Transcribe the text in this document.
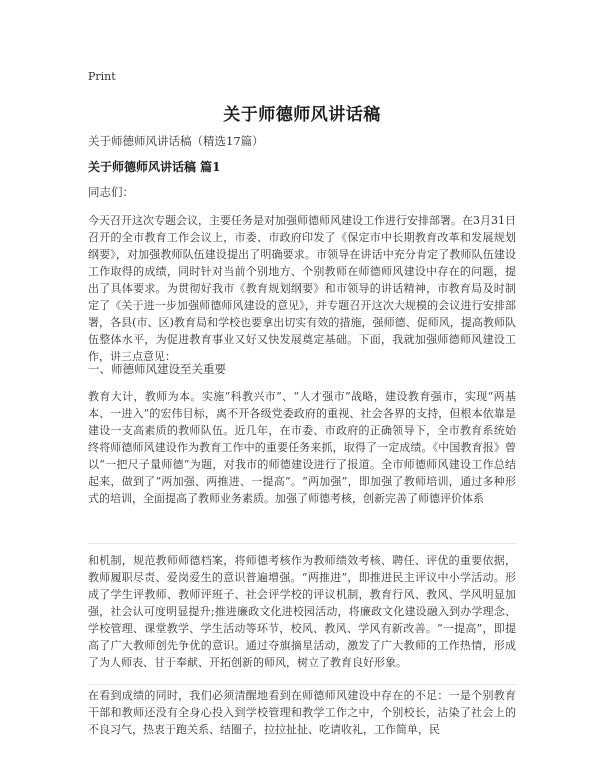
Print
关于师德师风讲话稿
关于师德师风讲话稿（精选17篇）
关于师德师风讲话稿 篇1
同志们：

今天召开这次专题会议，主要任务是对加强师德师风建设工作进行安排部署。在3月31日召开的全市教育工作会议上，市委、市政府印发了《保定市中长期教育改革和发展规划纲要》，对加强教师队伍建设提出了明确要求。市领导在讲话中充分肯定了教师队伍建设工作取得的成绩，同时针对当前个别地方、个别教师在师德师风建设中存在的问题，提出了具体要求。为贯彻好我市《教育规划纲要》和市领导的讲话精神，市教育局及时制定了《关于进一步加强师德师风建设的意见》，并专题召开这次大规模的会议进行安排部署，各县(市、区)教育局和学校也要拿出切实有效的措施，强师德、促师风，提高教师队伍整体水平，为促进教育事业又好又快发展奠定基础。下面，我就加强师德师风建设工作，讲三点意见：

一、师德师风建设至关重要

教育大计，教师为本。实施“科教兴市”、“人才强市”战略，建设教育强市，实现“两基本、一进入”的宏伟目标，离不开各级党委政府的重视、社会各界的支持，但根本依靠是建设一支高素质的教师队伍。近几年，在市委、市政府的正确领导下，全市教育系统始终将师德师风建设作为教育工作中的重要任务来抓，取得了一定成绩。《中国教育报》曾以“一把尺子量师德”为题，对我市的师德建设进行了报道。全市师德师风建设工作总结起来，做到了“两加强、两推进、一提高”。“两加强”，即加强了教师培训，通过多种形式的培训，全面提高了教师业务素质。加强了师德考核，创新完善了师德评价体系

和机制，规范教师师德档案，将师德考核作为教师绩效考核、聘任、评优的重要依据，教师履职尽责、爱岗爱生的意识普遍增强。“两推进”，即推进民主评议中小学活动。形成了学生评教师、教师评班子、社会评学校的评议机制，教育行风、教风、学风明显加强，社会认可度明显提升;推进廉政文化进校园活动，将廉政文化建设融入到办学理念、学校管理、课堂教学、学生活动等环节，校风、教风、学风有新改善。“一提高”，即提高了广大教师创先争优的意识。通过夺旗摘星活动，激发了广大教师的工作热情，形成了为人师表、甘于奉献、开拓创新的师风，树立了教育良好形象。

在看到成绩的同时，我们必须清醒地看到在师德师风建设中存在的不足：一是个别教育干部和教师还没有全身心投入到学校管理和教学工作之中，个别校长，沾染了社会上的不良习气，热衷于跑关系、结圈子，拉拉扯扯、吃请收礼，工作简单，民
